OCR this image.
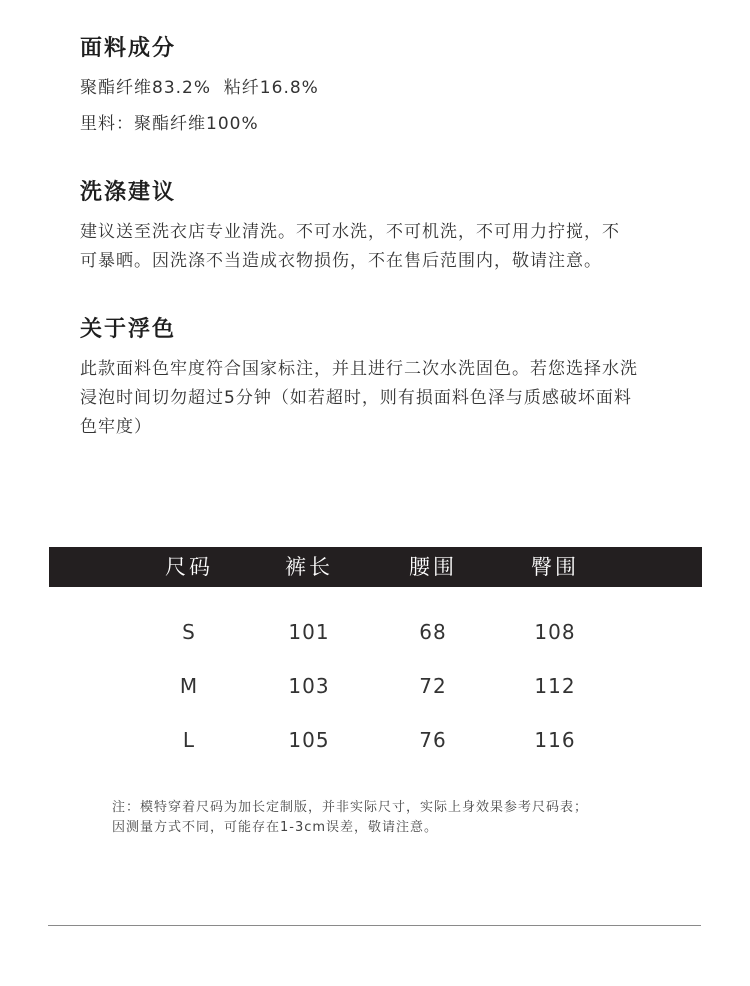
面料成分

聚酯纤维83.2%  粘纤16.8%

里料：聚酯纤维100%

洗涤建议

建议送至洗衣店专业清洗。不可水洗，不可机洗，不可用力拧搅，不

可暴晒。因洗涤不当造成衣物损伤，不在售后范围内，敬请注意。

关于浮色

此款面料色牢度符合国家标注，并且进行二次水洗固色。若您选择水洗

浸泡时间切勿超过5分钟（如若超时，则有损面料色泽与质感破坏面料

色牢度）

尺码	裤长	腰围	臀围
S	101	68	108
M	103	72	112
L	105	76	116

注：模特穿着尺码为加长定制版，并非实际尺寸，实际上身效果参考尺码表；

因测量方式不同，可能存在1-3cm误差，敬请注意。
